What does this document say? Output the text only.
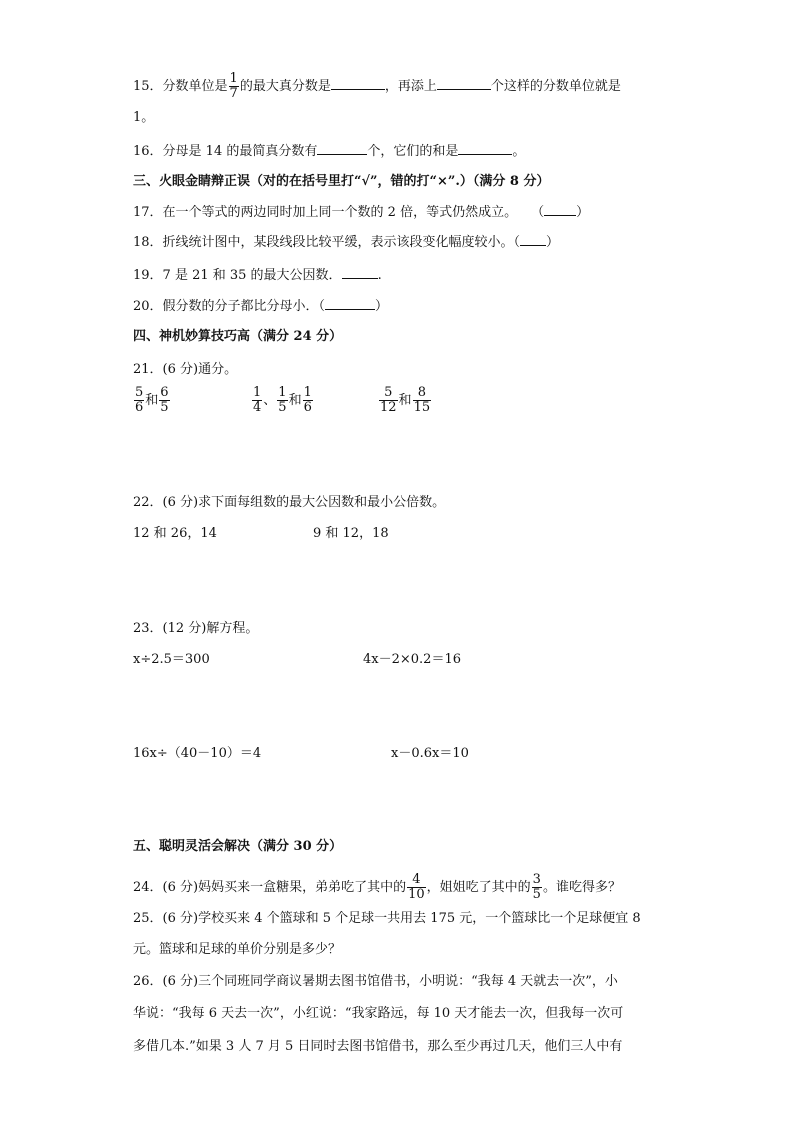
15．分数单位是 $\frac{1}{7}$ 的最大真分数是	，再添上	个这样的分数单位就是
1。
16．分母是 14 的最简真分数有	个，它们的和是	。
三、火眼金睛辩正误（对的在括号里打“√”，错的打“×”.）（满分 8 分）
17．在一个等式的两边同时加上同一个数的 2 倍，等式仍然成立。 （ ）
18．折线统计图中，某段线段比较平缓，表示该段变化幅度较小。（ ）
19．7 是 21 和 35 的最大公因数．	.
20．假分数的分子都比分母小．（	）
四、神机妙算技巧高（满分 24 分）
21．(6 分)通分。
$\frac{5}{6}$ 和 $\frac{6}{5}$	$\frac{1}{4}$ 、 $\frac{1}{5}$ 和 $\frac{1}{6}$	$\frac{5}{12}$ 和 $\frac{8}{15}$
22．(6 分)求下面每组数的最大公因数和最小公倍数。
12 和 26，14	9 和 12，18
23．(12 分)解方程。
x÷2.5＝300	4x－2×0.2＝16
16x÷（40－10）＝4	x－0.6x＝10
五、聪明灵活会解决（满分 30 分）
24．(6 分)妈妈买来一盒糖果，弟弟吃了其中的 $\frac{4}{10}$ ，姐姐吃了其中的 $\frac{3}{5}$ 。谁吃得多？
25．(6 分)学校买来 4 个篮球和 5 个足球一共用去 175 元，一个篮球比一个足球便宜 8
元。篮球和足球的单价分别是多少？
26．(6 分)三个同班同学商议暑期去图书馆借书，小明说：“我每 4 天就去一次”，小
华说：“我每 6 天去一次”，小红说：“我家路远，每 10 天才能去一次，但我每一次可
多借几本.”如果 3 人 7 月 5 日同时去图书馆借书，那么至少再过几天，他们三人中有
